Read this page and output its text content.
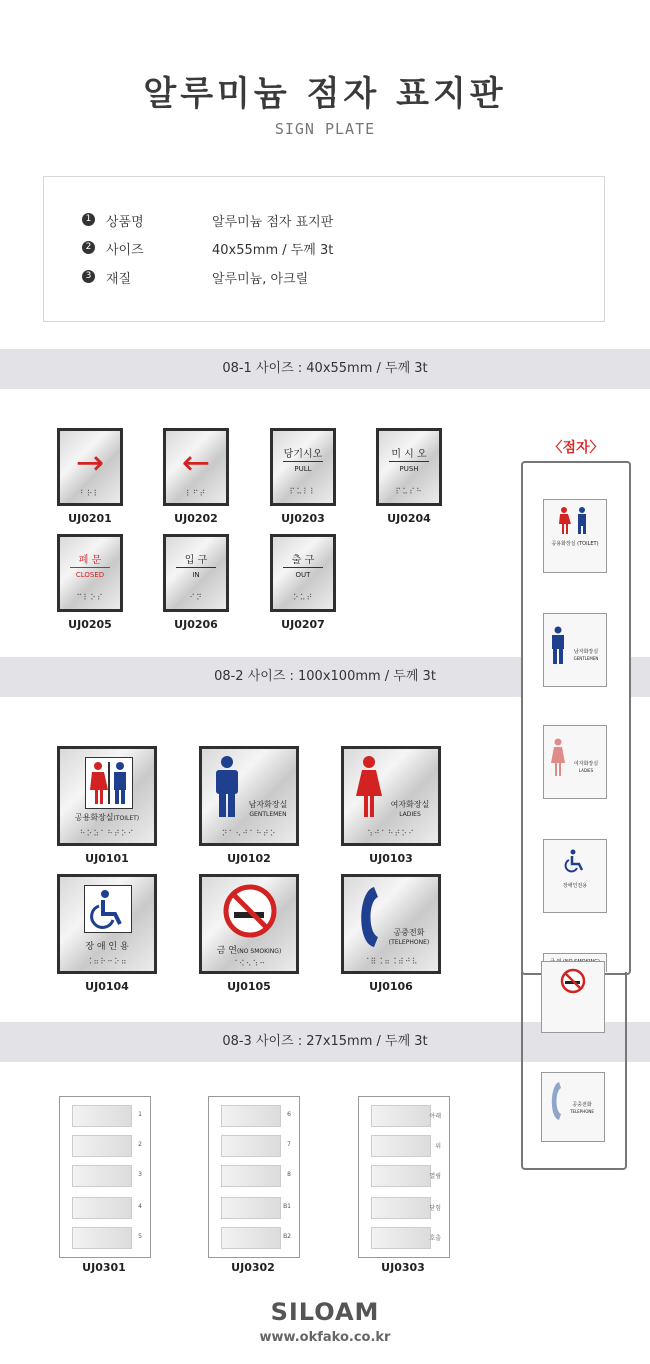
알루미늄 점자 표지판
SIGN PLATE
1 상품명	알루미늄 점자 표지판
2 사이즈	40x55mm / 두께 3t
3 재질	알루미늄, 아크릴
08-1 사이즈 : 40x55mm / 두께 3t
08-2 사이즈 : 100x100mm / 두께 3t
08-3 사이즈 : 27x15mm / 두께 3t
→
⠃⠗⠇
UJ0201
←
⠇⠋⠞
UJ0202
당기시오
PULL
⠏⠥⠇⠇
UJ0203
미 시 오
PUSH
⠏⠥⠎⠓
UJ0204
폐 문
CLOSED
⠉⠇⠕⠎
UJ0205
입 구
IN
⠊⠝
UJ0206
출 구
OUT
⠕⠥⠞
UJ0207
공용화장실(TOILET)
⠓⠕⠵⠁⠓⠞⠕⠊
UJ0101
남자화장실
GENTLEMEN
⠝⠁⠢⠚⠁⠓⠞⠕
UJ0102
여자화장실
LADIES
⠱⠚⠁⠓⠞⠕⠊
UJ0103
장 애 인 용
⠨⠶⠗⠒⠕⠶
UJ0104
금 연(NO SMOKING)
⠈⠪⠢⠱⠒
UJ0105
공중전화
(TELEPHONE)
⠈⠿⠨⠶⠨⠾⠚⠧
UJ0106
〈점자〉
공용화장실 (TOILET)
남자화장실
GENTLEMEN
여자화장실
LADIES
장애인전용
공중전화
TELEPHONE
1
2
3
4
5
UJ0301
6
7
8
B1
B2
UJ0302
아래
위
열림
닫힘
호출
UJ0303
SILOAM
www.okfako.co.kr
